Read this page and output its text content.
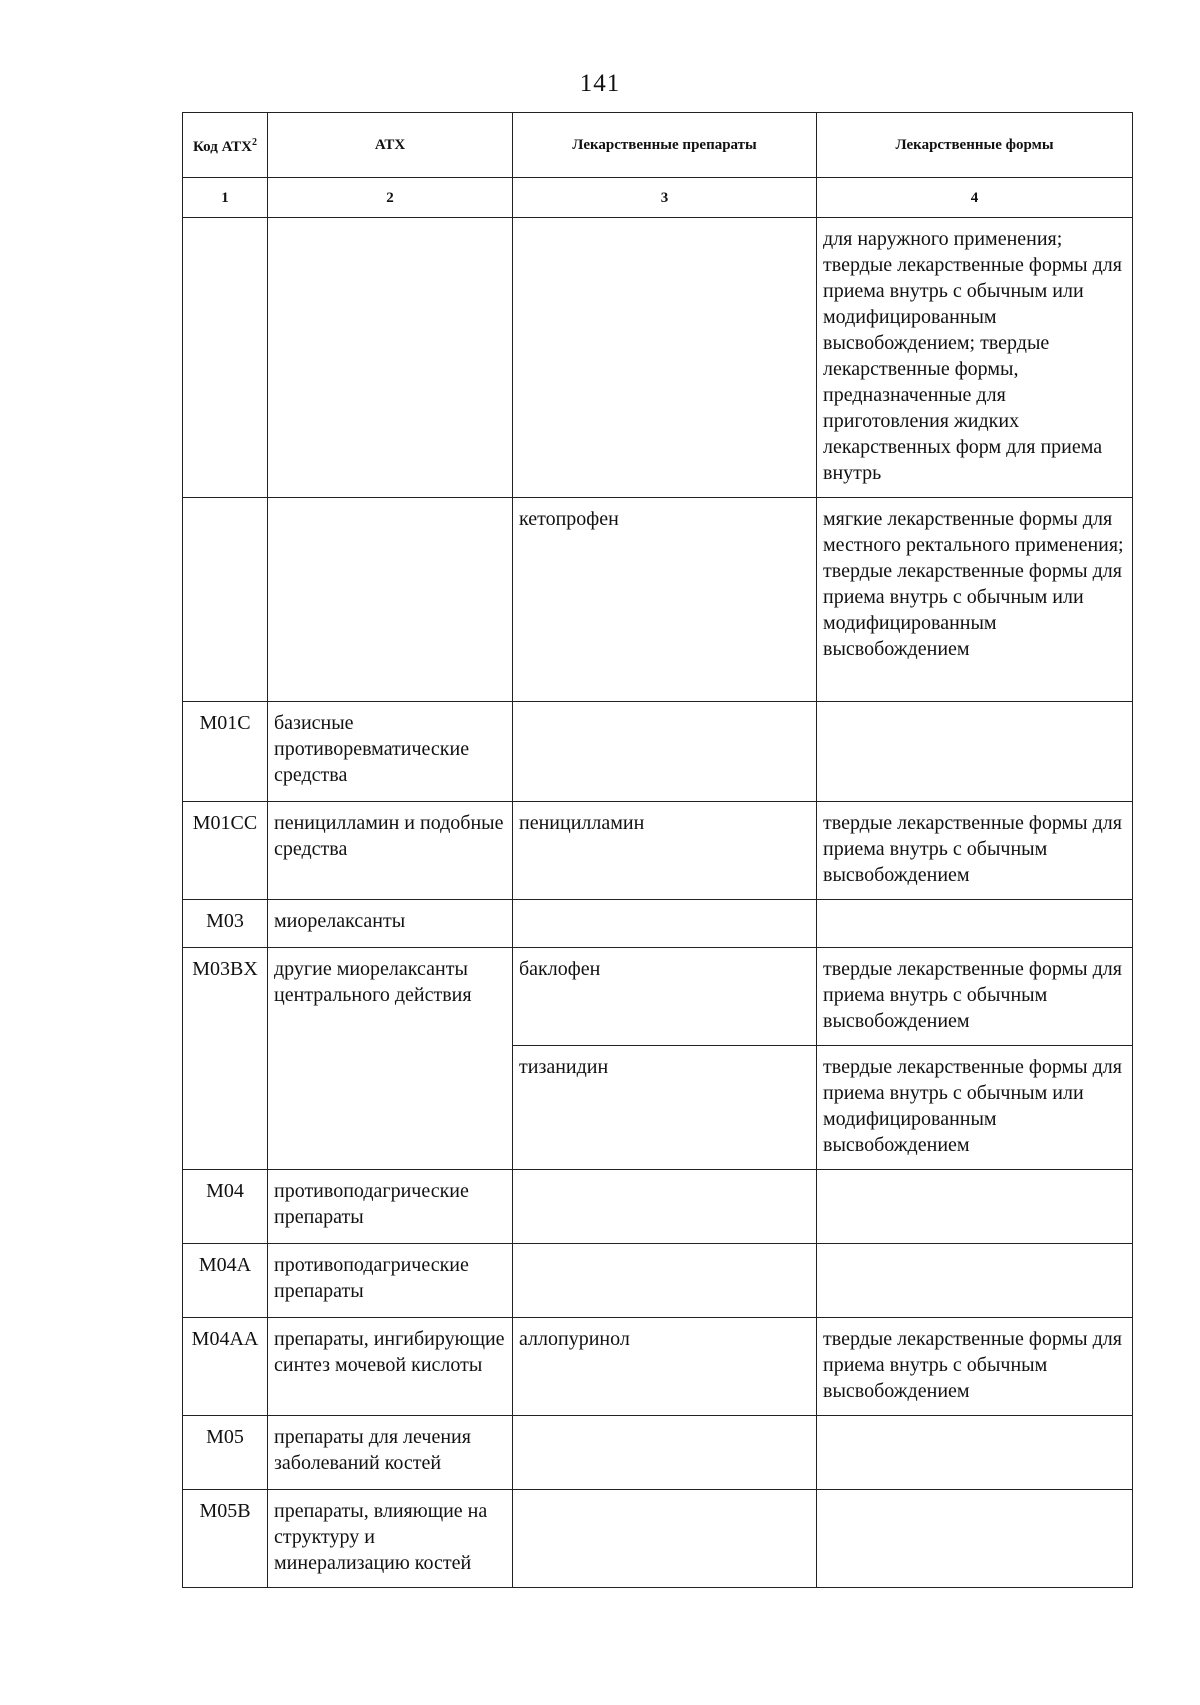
141
Код АТХ$^2$	АТХ	Лекарственные препараты	Лекарственные формы
1	2	3	4
			для наружного применения; твердые лекарственные формы для приема внутрь с обычным или модифицированным высвобождением; твердые лекарственные формы, предназначенные для приготовления жидких лекарственных форм для приема внутрь
		кетопрофен	мягкие лекарственные формы для местного ректального применения; твердые лекарственные формы для приема внутрь с обычным или модифицированным высвобождением
M01C	базисные противоревматические средства		
M01CC	пеницилламин и подобные средства	пеницилламин	твердые лекарственные формы для приема внутрь с обычным высвобождением
M03	миорелаксанты		
M03BX	другие миорелаксанты центрального действия	баклофен	твердые лекарственные формы для приема внутрь с обычным высвобождением
		тизанидин	твердые лекарственные формы для приема внутрь с обычным или модифицированным высвобождением
M04	противоподагрические препараты		
M04A	противоподагрические препараты		
M04AA	препараты, ингибирующие синтез мочевой кислоты	аллопуринол	твердые лекарственные формы для приема внутрь с обычным высвобождением
M05	препараты для лечения заболеваний костей		
M05B	препараты, влияющие на структуру и минерализацию костей		
